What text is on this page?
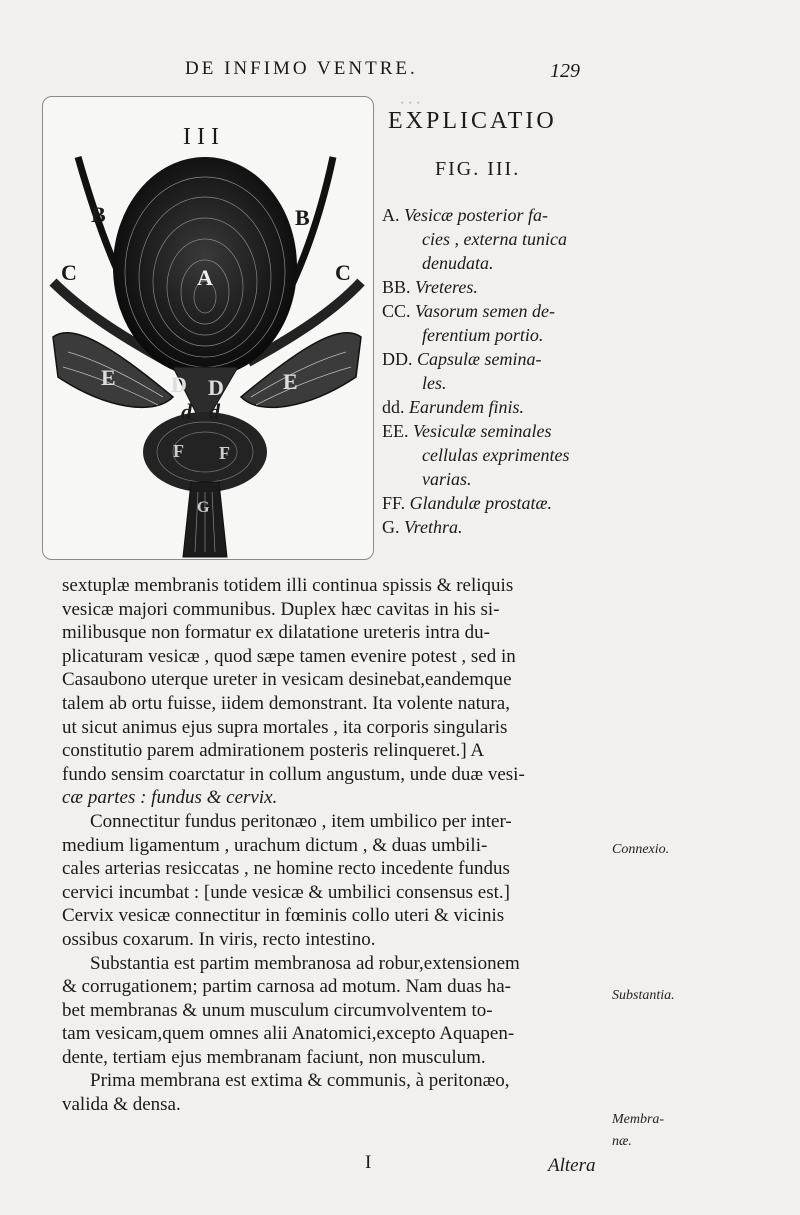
DE INFIMO VENTRE.	129
· · ·
III
B	B
C	C
A
E	E
D D
d d
F F
G
EXPLICATIO
FIG. III.
A. Vesicæ posterior fa-
cies , externa tunica
denudata.
BB. Vreteres.
CC. Vasorum semen de-
ferentium portio.
DD. Capsulæ semina-
les.
dd. Earundem finis.
EE. Vesiculæ seminales
cellulas exprimentes
varias.
FF. Glandulæ prostatæ.
G. Vrethra.

sextuplæ membranis totidem illi continua spissis & reliquis

vesicæ majori communibus. Duplex hæc cavitas in his si-

milibusque non formatur ex dilatatione ureteris intra du-

plicaturam vesicæ , quod sæpe tamen evenire potest , sed in

Casaubono uterque ureter in vesicam desinebat,eandemque

talem ab ortu fuisse, iidem demonstrant. Ita volente natura,

ut sicut animus ejus supra mortales , ita corporis singularis

constitutio parem admirationem posteris relinqueret.] A

fundo sensim coarctatur in collum angustum, unde duæ vesi-

cæ partes : fundus & cervix.

Connectitur fundus peritonæo , item umbilico per inter-

medium ligamentum , urachum dictum , & duas umbili-

cales arterias resiccatas , ne homine recto incedente fundus

cervici incumbat : [unde vesicæ & umbilici consensus est.]

Cervix vesicæ connectitur in fœminis collo uteri & vicinis

ossibus coxarum. In viris, recto intestino.

Substantia est partim membranosa ad robur,extensionem

& corrugationem; partim carnosa ad motum. Nam duas ha-

bet membranas & unum musculum circumvolventem to-

tam vesicam,quem omnes alii Anatomici,excepto Aquapen-

dente, tertiam ejus membranam faciunt, non musculum.

Prima membrana est extima & communis, à peritonæo,

valida & densa.

Connexio.
Substantia.
Membra-
næ.
I	Altera
